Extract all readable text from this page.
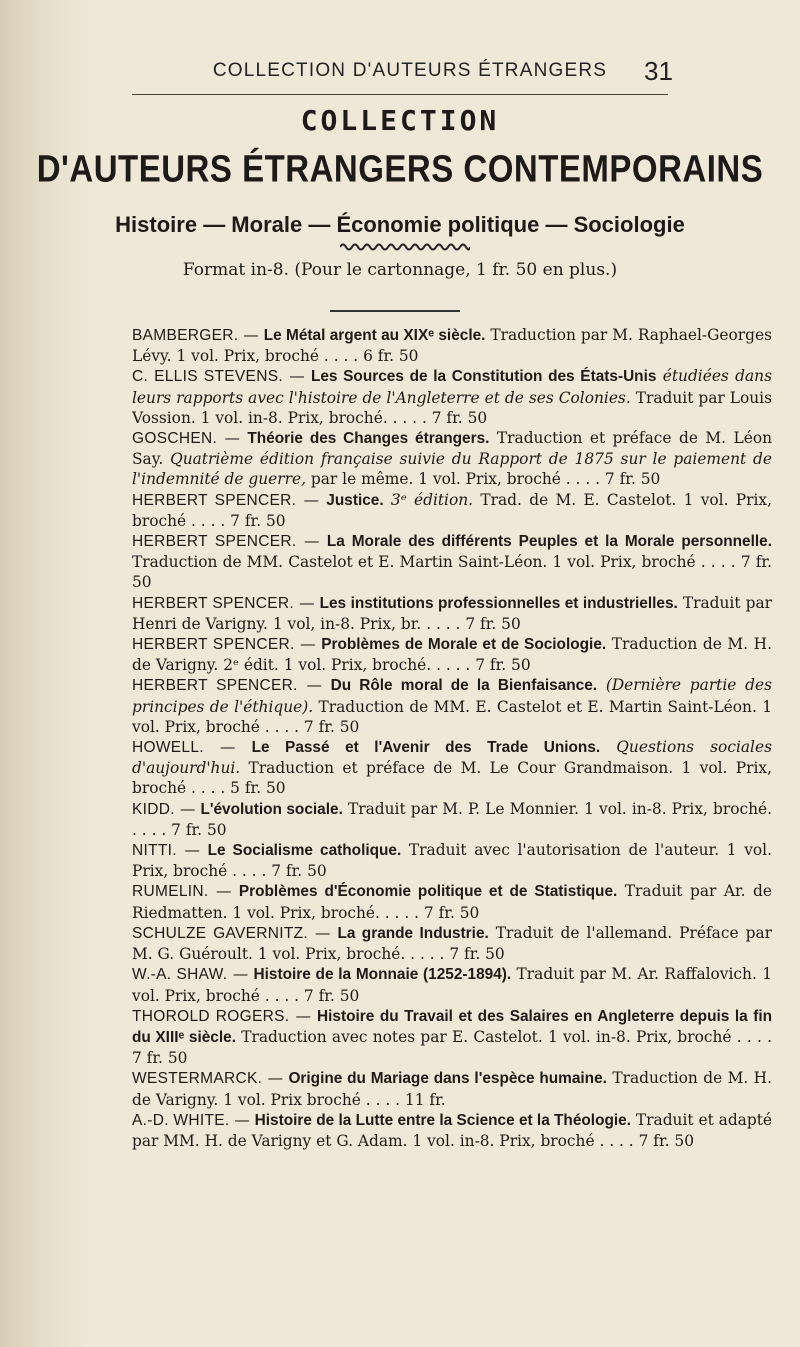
COLLECTION D'AUTEURS ÉTRANGERS	31
COLLECTION
D'AUTEURS ÉTRANGERS CONTEMPORAINS
Histoire — Morale — Économie politique — Sociologie
Format in-8. (Pour le cartonnage, 1 fr. 50 en plus.)
BAMBERGER. — Le Métal argent au XIXᵉ siècle. Traduction par M. Raphael-Georges Lévy. 1 vol. Prix, broché . . . . 6 fr. 50
C. ELLIS STEVENS. — Les Sources de la Constitution des États-Unis étudiées dans leurs rapports avec l'histoire de l'Angleterre et de ses Colonies. Traduit par Louis Vossion. 1 vol. in-8. Prix, broché. . . . . 7 fr. 50
GOSCHEN. — Théorie des Changes étrangers. Traduction et préface de M. Léon Say. Quatrième édition française suivie du Rapport de 1875 sur le paiement de l'indemnité de guerre, par le même. 1 vol. Prix, broché . . . . 7 fr. 50
HERBERT SPENCER. — Justice. 3ᵉ édition. Trad. de M. E. Castelot. 1 vol. Prix, broché . . . . 7 fr. 50
HERBERT SPENCER. — La Morale des différents Peuples et la Morale personnelle. Traduction de MM. Castelot et E. Martin Saint-Léon. 1 vol. Prix, broché . . . . 7 fr. 50
HERBERT SPENCER. — Les institutions professionnelles et industrielles. Traduit par Henri de Varigny. 1 vol, in-8. Prix, br. . . . . 7 fr. 50
HERBERT SPENCER. — Problèmes de Morale et de Sociologie. Traduction de M. H. de Varigny. 2ᵉ édit. 1 vol. Prix, broché. . . . . 7 fr. 50
HERBERT SPENCER. — Du Rôle moral de la Bienfaisance. (Dernière partie des principes de l'éthique). Traduction de MM. E. Castelot et E. Martin Saint-Léon. 1 vol. Prix, broché . . . . 7 fr. 50
HOWELL. — Le Passé et l'Avenir des Trade Unions. Questions sociales d'aujourd'hui. Traduction et préface de M. Le Cour Grandmaison. 1 vol. Prix, broché . . . . 5 fr. 50
KIDD. — L'évolution sociale. Traduit par M. P. Le Monnier. 1 vol. in-8. Prix, broché. . . . . 7 fr. 50
NITTI. — Le Socialisme catholique. Traduit avec l'autorisation de l'auteur. 1 vol. Prix, broché . . . . 7 fr. 50
RUMELIN. — Problèmes d'Économie politique et de Statistique. Traduit par Ar. de Riedmatten. 1 vol. Prix, broché. . . . . 7 fr. 50
SCHULZE GAVERNITZ. — La grande Industrie. Traduit de l'allemand. Préface par M. G. Guéroult. 1 vol. Prix, broché. . . . . 7 fr. 50
W.-A. SHAW. — Histoire de la Monnaie (1252-1894). Traduit par M. Ar. Raffalovich. 1 vol. Prix, broché . . . . 7 fr. 50
THOROLD ROGERS. — Histoire du Travail et des Salaires en Angleterre depuis la fin du XIIIᵉ siècle. Traduction avec notes par E. Castelot. 1 vol. in-8. Prix, broché . . . . 7 fr. 50
WESTERMARCK. — Origine du Mariage dans l'espèce humaine. Traduction de M. H. de Varigny. 1 vol. Prix broché . . . . 11 fr.
A.-D. WHITE. — Histoire de la Lutte entre la Science et la Théologie. Traduit et adapté par MM. H. de Varigny et G. Adam. 1 vol. in-8. Prix, broché . . . . 7 fr. 50
